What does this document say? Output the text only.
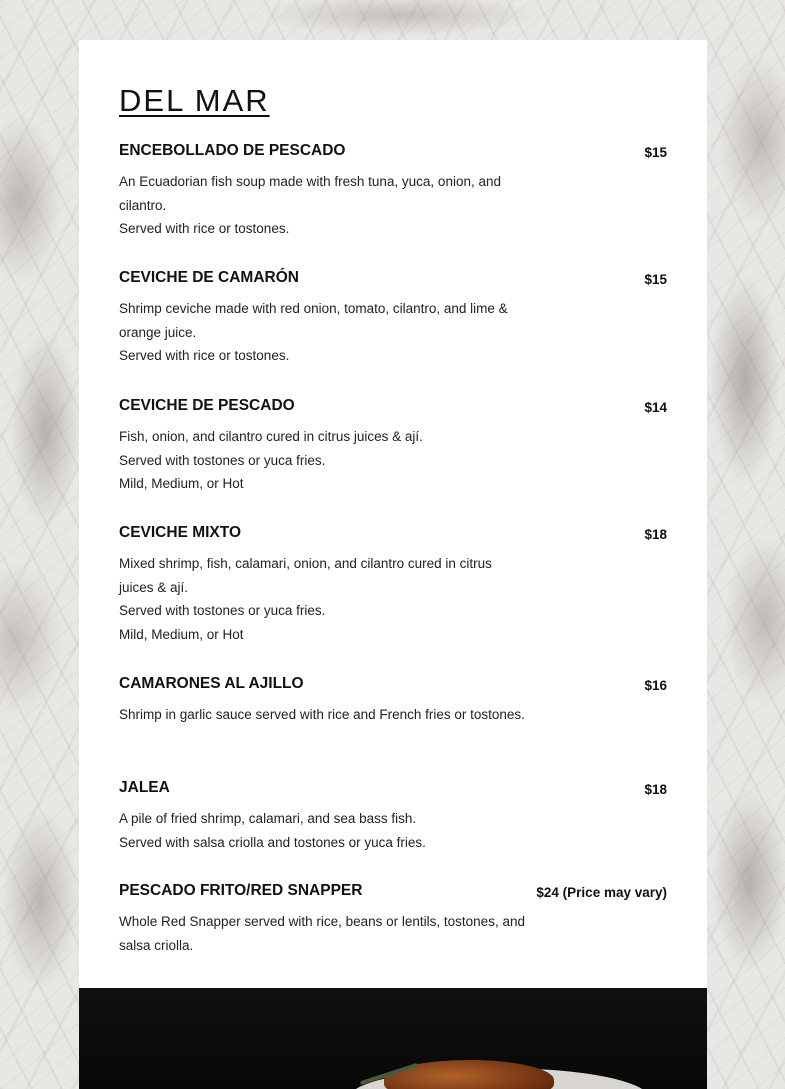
DEL MAR
ENCEBOLLADO DE PESCADO	$15
An Ecuadorian fish soup made with fresh tuna, yuca, onion, and cilantro.
Served with rice or tostones.
CEVICHE DE CAMARÓN	$15
Shrimp ceviche made with red onion, tomato, cilantro, and lime & orange juice.
Served with rice or tostones.
CEVICHE DE PESCADO	$14
Fish, onion, and cilantro cured in citrus juices & ají.
Served with tostones or yuca fries.
Mild, Medium, or Hot
CEVICHE MIXTO	$18
Mixed shrimp, fish, calamari, onion, and cilantro cured in citrus juices & ají.
Served with tostones or yuca fries.
Mild, Medium, or Hot
CAMARONES AL AJILLO	$16
Shrimp in garlic sauce served with rice and French fries or tostones.
JALEA	$18
A pile of fried shrimp, calamari, and sea bass fish.
Served with salsa criolla and tostones or yuca fries.
PESCADO FRITO/RED SNAPPER	$24 (Price may vary)
Whole Red Snapper served with rice, beans or lentils, tostones, and salsa criolla.
